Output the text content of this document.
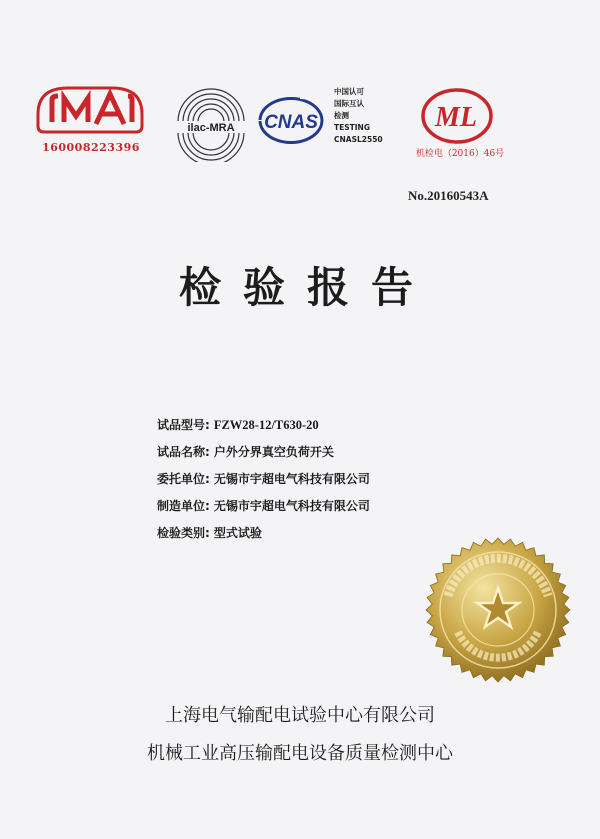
160008223396
ilac-MRA CNAS
中国认可
国际互认
检测
TESTING
CNASL2550
ML
机检电（2016）46号
No.20160543A
检验报告
试品型号: FZW28-12/T630-20
试品名称: 户外分界真空负荷开关
委托单位: 无锡市宇超电气科技有限公司
制造单位: 无锡市宇超电气科技有限公司
检验类别: 型式试验
上海电气输配电试验中心有限公司
机械工业高压输配电设备质量检测中心
